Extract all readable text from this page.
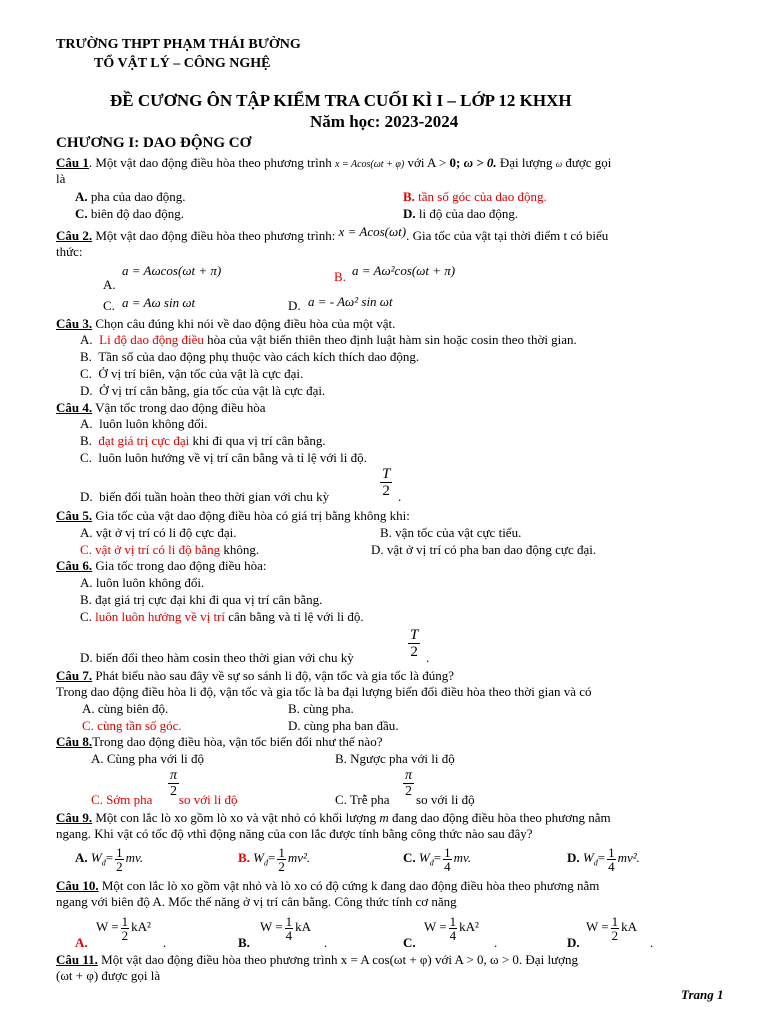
TRƯỜNG THPT PHẠM THÁI BƯỜNG
TỔ VẬT LÝ – CÔNG NGHỆ
ĐỀ CƯƠNG ÔN TẬP KIỂM TRA CUỐI KÌ I – LỚP 12 KHXH
Năm học: 2023-2024
CHƯƠNG I: DAO ĐỘNG CƠ
Câu 1. Một vật dao động điều hòa theo phương trình x = Acos(ωt + φ) với A > 0; ω > 0. Đại lượng ω được gọi
là
A. pha của dao động.	B. tần số góc của dao động.
C. biên độ dao động.	D. li độ của dao động.
Câu 2. Một vật dao động điều hòa theo phương trình: x = Acos(ωt). Gia tốc của vật tại thời điểm t có biểu
thức:
a = Aωcos(ωt + π)
A.
B. a = Aω²cos(ωt + π)
C. a = Aω sin ωt	D. a = - Aω² sin ωt
Câu 3. Chọn câu đúng khi nói về dao động điều hòa của một vật.
A. Li độ dao động điều hòa của vật biến thiên theo định luật hàm sin hoặc cosin theo thời gian.
B. Tần số của dao động phụ thuộc vào cách kích thích dao động.
C. Ở vị trí biên, vận tốc của vật là cực đại.
D. Ở vị trí cân bằng, gia tốc của vật là cực đại.
Câu 4. Vận tốc trong dao động điều hòa
A. luôn luôn không đổi.
B. đạt giá trị cực đại khi đi qua vị trí cân bằng.
C. luôn luôn hướng về vị trí cân bằng và tỉ lệ với li độ.
D. biến đổi tuần hoàn theo thời gian với chu kỳ
T
2 .
Câu 5. Gia tốc của vật dao động điều hòa có giá trị bằng không khi:
A. vật ở vị trí có li độ cực đại.	B. vận tốc của vật cực tiểu.
C. vật ở vị trí có li độ bằng không.	D. vật ở vị trí có pha ban dao động cực đại.
Câu 6. Gia tốc trong dao động điều hòa:
A. luôn luôn không đổi.
B. đạt giá trị cực đại khi đi qua vị trí cân bằng.
C. luôn luôn hướng về vị trí cân bằng và tỉ lệ với li độ.
D. biến đổi theo hàm cosin theo thời gian với chu kỳ
T
2 .
Câu 7. Phát biểu nào sau đây về sự so sánh li độ, vận tốc và gia tốc là đúng?
Trong dao động điều hòa li độ, vận tốc và gia tốc là ba đại lượng biến đổi điều hòa theo thời gian và có
A. cùng biên độ.	B. cùng pha.
C. cùng tần số góc.	D. cùng pha ban đầu.
Câu 8.Trong dao động điều hòa, vận tốc biến đổi như thế nào?
A. Cùng pha với li độ	B. Ngược pha với li độ
C. Sớm pha  so với li độ
π
2
C. Trễ pha  so với li độ
π
2
Câu 9. Một con lắc lò xo gồm lò xo và vật nhỏ có khối lượng m đang dao động điều hòa theo phương nằm
ngang. Khi vật có tốc độ vthì động năng của con lắc được tính bằng công thức nào sau đây?
A. $W_đ= \frac{1}{2}$ mv.	B. $W_đ= \frac{1}{2} mv^2$.	C. $W_đ= \frac{1}{4}$ mv.	D. $W_đ= \frac{1}{4} mv^2$.
Câu 10. Một con lắc lò xo gồm vật nhỏ và lò xo có độ cứng k đang dao động điều hòa theo phương nằm
ngang với biên độ A. Mốc thế năng ở vị trí cân bằng. Công thức tính cơ năng
A.
$W = \frac{1}{2} kA^2$
.	B.
$W = \frac{1}{4}$ kA
.	C.
$W = \frac{1}{4} kA^2$
.	D.
$W = \frac{1}{2}$ kA
.
Câu 11. Một vật dao động điều hòa theo phương trình x = A cos(ωt + φ) với A > 0, ω > 0. Đại lượng
(ωt + φ) được gọi là
Trang 1
